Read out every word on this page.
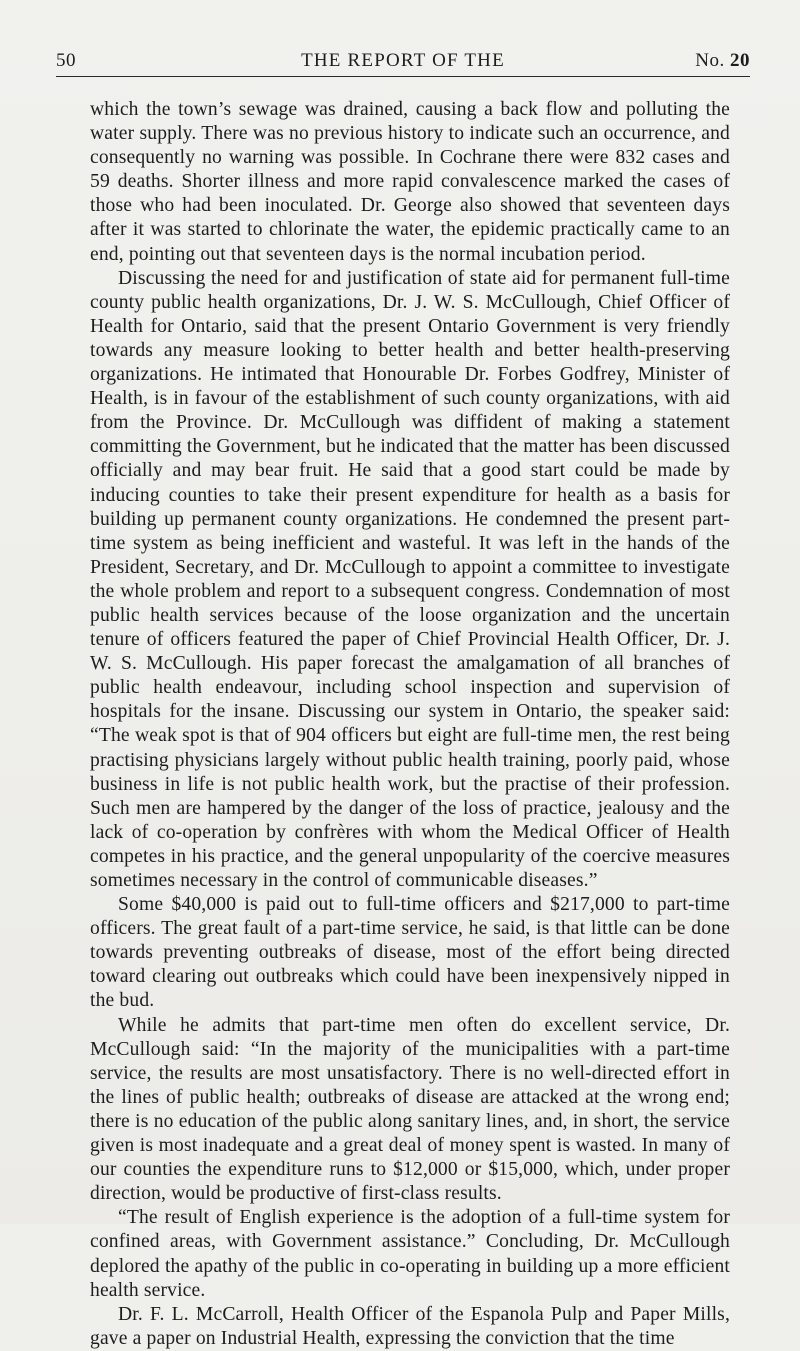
50	THE REPORT OF THE	No. 20

which the town’s sewage was drained, causing a back flow and polluting the water supply. There was no previous history to indicate such an occurrence, and consequently no warning was possible. In Cochrane there were 832 cases and 59 deaths. Shorter illness and more rapid convalescence marked the cases of those who had been inoculated. Dr. George also showed that seventeen days after it was started to chlorinate the water, the epidemic practically came to an end, pointing out that seventeen days is the normal incubation period.

Discussing the need for and justification of state aid for permanent full-time county public health organizations, Dr. J. W. S. McCullough, Chief Officer of Health for Ontario, said that the present Ontario Government is very friendly towards any measure looking to better health and better health-preserving organizations. He intimated that Honourable Dr. Forbes Godfrey, Minister of Health, is in favour of the establishment of such county organizations, with aid from the Province. Dr. McCullough was diffident of making a statement committing the Government, but he indicated that the matter has been discussed officially and may bear fruit. He said that a good start could be made by inducing counties to take their present expenditure for health as a basis for building up permanent county organizations. He condemned the present part-time system as being inefficient and wasteful. It was left in the hands of the President, Secretary, and Dr. McCullough to appoint a committee to investigate the whole problem and report to a subsequent congress. Condemnation of most public health services because of the loose organization and the uncertain tenure of officers featured the paper of Chief Provincial Health Officer, Dr. J. W. S. McCullough. His paper forecast the amalgamation of all branches of public health endeavour, including school inspection and supervision of hospitals for the insane. Discussing our system in Ontario, the speaker said: “The weak spot is that of 904 officers but eight are full-time men, the rest being practising physicians largely without public health training, poorly paid, whose business in life is not public health work, but the practise of their profession. Such men are hampered by the danger of the loss of practice, jealousy and the lack of co-operation by confrères with whom the Medical Officer of Health competes in his practice, and the general unpopularity of the coercive measures sometimes necessary in the control of communicable diseases.”

Some $40,000 is paid out to full-time officers and $217,000 to part-time officers. The great fault of a part-time service, he said, is that little can be done towards preventing outbreaks of disease, most of the effort being directed toward clearing out outbreaks which could have been inexpensively nipped in the bud.

While he admits that part-time men often do excellent service, Dr. McCullough said: “In the majority of the municipalities with a part-time service, the results are most unsatisfactory. There is no well-directed effort in the lines of public health; outbreaks of disease are attacked at the wrong end; there is no education of the public along sanitary lines, and, in short, the service given is most inadequate and a great deal of money spent is wasted. In many of our counties the expenditure runs to $12,000 or $15,000, which, under proper direction, would be productive of first-class results.

“The result of English experience is the adoption of a full-time system for confined areas, with Government assistance.” Concluding, Dr. McCullough deplored the apathy of the public in co-operating in building up a more efficient health service.

Dr. F. L. McCarroll, Health Officer of the Espanola Pulp and Paper Mills, gave a paper on Industrial Health, expressing the conviction that the time
